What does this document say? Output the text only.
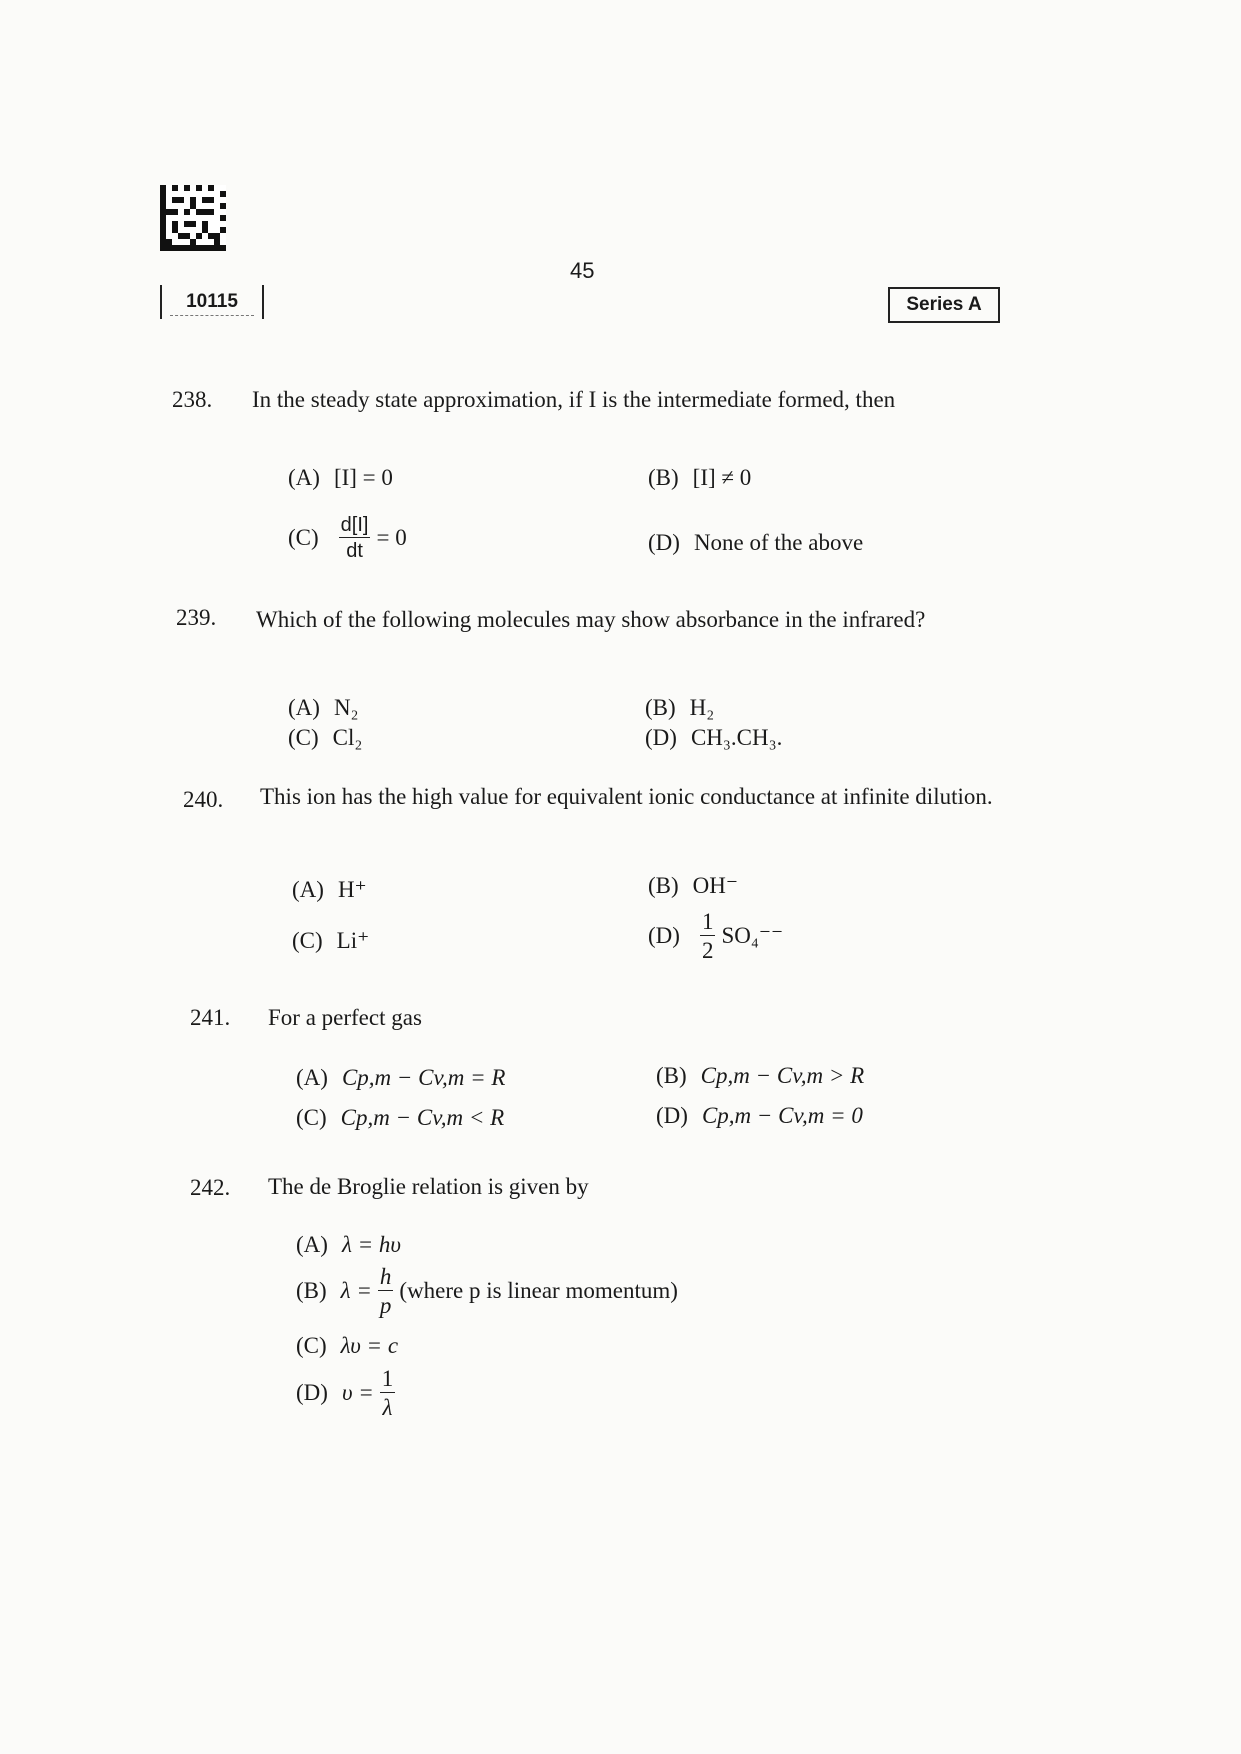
10115
45
Series A
238. In the steady state approximation, if I is the intermediate formed, then
(A) [I] = 0	(B) [I] ≠ 0
$(C) \frac{d[I]}{dt} = 0$	(D) None of the above
239. Which of the following molecules may show absorbance in the infrared?
(A) N₂	(B) H₂
(C) Cl₂	(D) CH₃.CH₃.
240. This ion has the high value for equivalent ionic conductance at infinite dilution.
(A) H⁺	(B) OH⁻
(C) Li⁺	$(D) \frac{1}{2} SO_4^{--}$
241. For a perfect gas
(A) Cp,m − Cv,m = R	(B) Cp,m − Cv,m > R
(C) Cp,m − Cv,m < R	(D) Cp,m − Cv,m = 0
242. The de Broglie relation is given by
(A) λ = hυ
(B) $\lambda = \frac{h}{p}$ (where p is linear momentum)
(C) λυ = c
(D) $\upsilon = \frac{1}{\lambda}$
